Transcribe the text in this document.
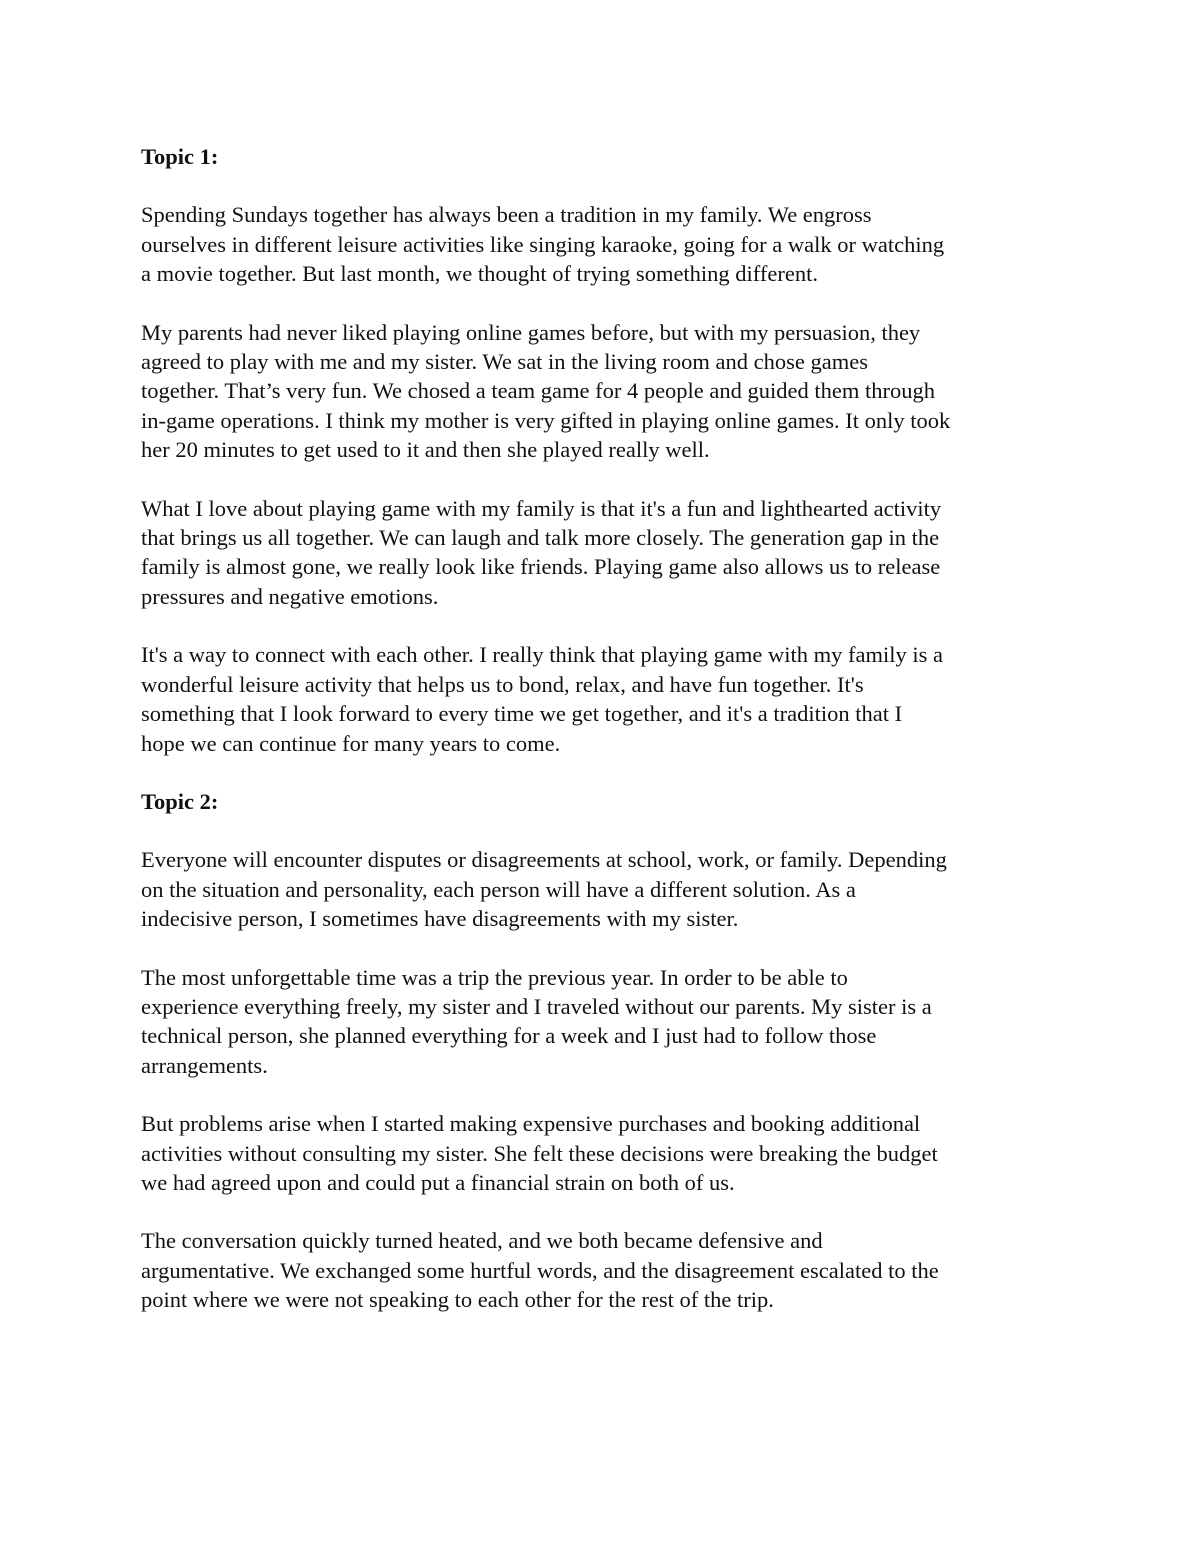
Topic 1:
Spending Sundays together has always been a tradition in my family. We engross
ourselves in different leisure activities like singing karaoke, going for a walk or watching
a movie together. But last month, we thought of trying something different.
My parents had never liked playing online games before, but with my persuasion, they
agreed to play with me and my sister. We sat in the living room and chose games
together. That’s very fun. We chosed a team game for 4 people and guided them through
in-game operations. I think my mother is very gifted in playing online games. It only took
her 20 minutes to get used to it and then she played really well.
What I love about playing game with my family is that it's a fun and lighthearted activity
that brings us all together. We can laugh and talk more closely. The generation gap in the
family is almost gone, we really look like friends. Playing game also allows us to release
pressures and negative emotions.
It's a way to connect with each other. I really think that playing game with my family is a
wonderful leisure activity that helps us to bond, relax, and have fun together. It's
something that I look forward to every time we get together, and it's a tradition that I
hope we can continue for many years to come.
Topic 2:
Everyone will encounter disputes or disagreements at school, work, or family. Depending
on the situation and personality, each person will have a different solution. As a
indecisive person, I sometimes have disagreements with my sister.
The most unforgettable time was a trip the previous year. In order to be able to
experience everything freely, my sister and I traveled without our parents. My sister is a
technical person, she planned everything for a week and I just had to follow those
arrangements.
But problems arise when I started making expensive purchases and booking additional
activities without consulting my sister. She felt these decisions were breaking the budget
we had agreed upon and could put a financial strain on both of us.
The conversation quickly turned heated, and we both became defensive and
argumentative. We exchanged some hurtful words, and the disagreement escalated to the
point where we were not speaking to each other for the rest of the trip.
